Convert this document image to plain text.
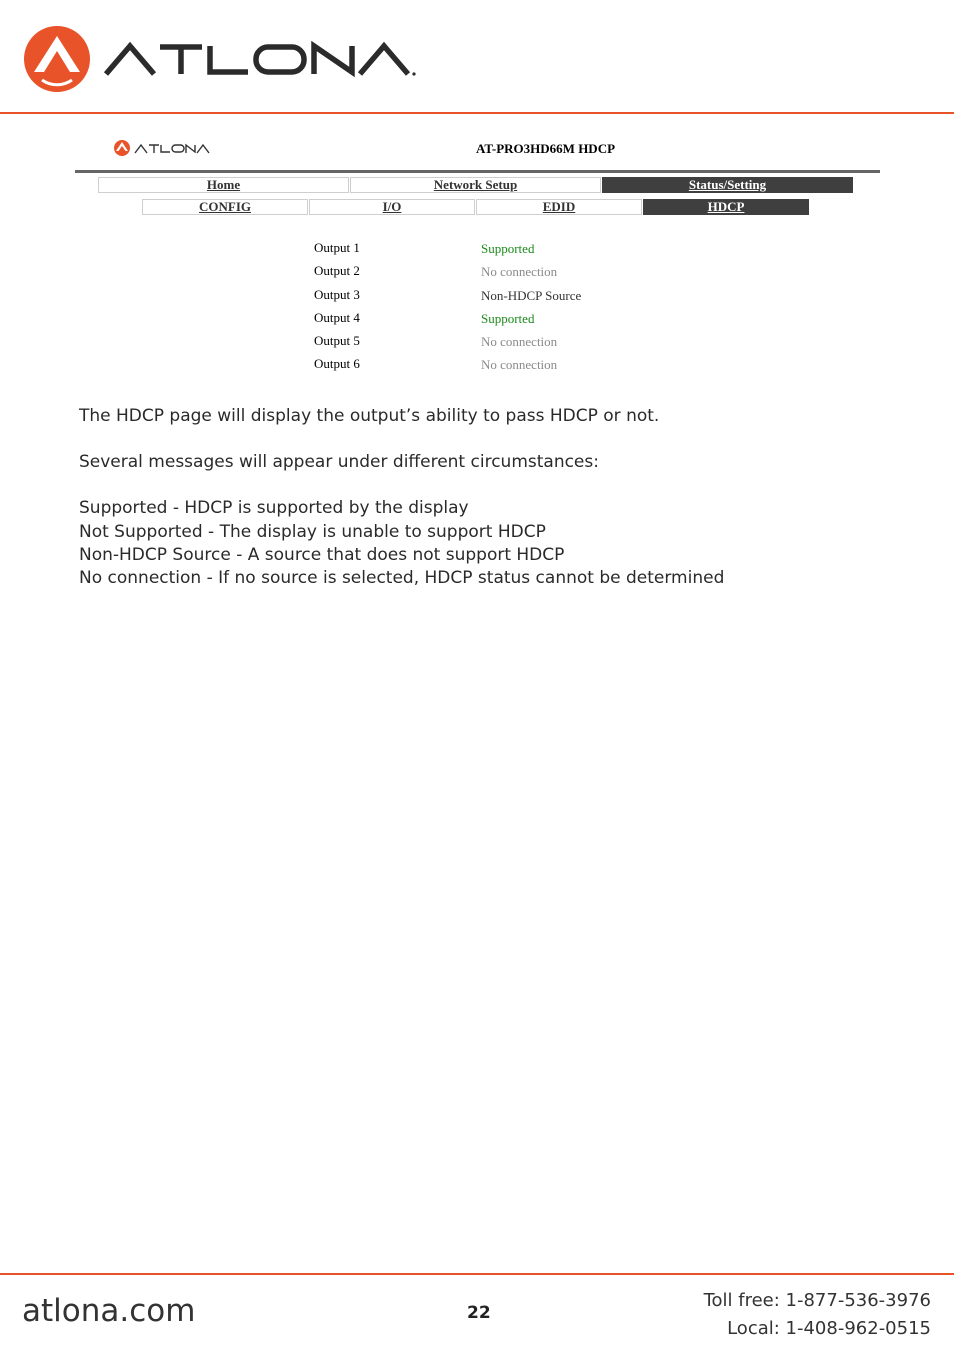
AT-PRO3HD66M HDCP
Home	Network Setup	Status/Setting
CONFIG	I/O	EDID	HDCP
Output 1	Supported
Output 2	No connection
Output 3	Non-HDCP Source
Output 4	Supported
Output 5	No connection
Output 6	No connection

The HDCP page will display the output’s ability to pass HDCP or not.

Several messages will appear under different circumstances:

Supported - HDCP is supported by the display

Not Supported - The display is unable to support HDCP

Non-HDCP Source - A source that does not support HDCP

No connection - If no source is selected, HDCP status cannot be determined

atlona.com	22
Toll free: 1-877-536-3976
Local: 1-408-962-0515
